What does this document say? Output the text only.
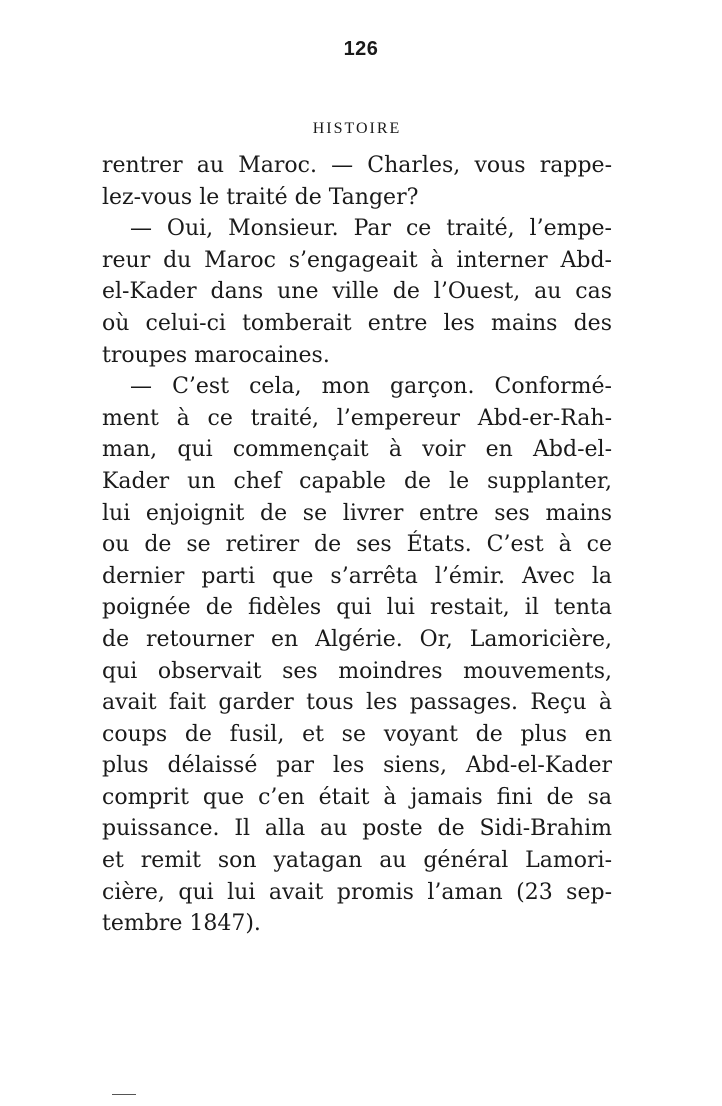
126
HISTOIRE
rentrer au Maroc. — Charles, vous rappe-
lez-vous le traité de Tanger?
— Oui, Monsieur. Par ce traité, l’empe-
reur du Maroc s’engageait à interner Abd-
el-Kader dans une ville de l’Ouest, au cas
où celui-ci tomberait entre les mains des
troupes marocaines.
— C’est cela, mon garçon. Conformé-
ment à ce traité, l’empereur Abd-er-Rah-
man, qui commençait à voir en Abd-el-
Kader un chef capable de le supplanter,
lui enjoignit de se livrer entre ses mains
ou de se retirer de ses États. C’est à ce
dernier parti que s’arrêta l’émir. Avec la
poignée de fidèles qui lui restait, il tenta
de retourner en Algérie. Or, Lamoricière,
qui observait ses moindres mouvements,
avait fait garder tous les passages. Reçu à
coups de fusil, et se voyant de plus en
plus délaissé par les siens, Abd-el-Kader
comprit que c’en était à jamais fini de sa
puissance. Il alla au poste de Sidi-Brahim
et remit son yatagan au général Lamori-
cière, qui lui avait promis l’aman (23 sep-
tembre 1847).
